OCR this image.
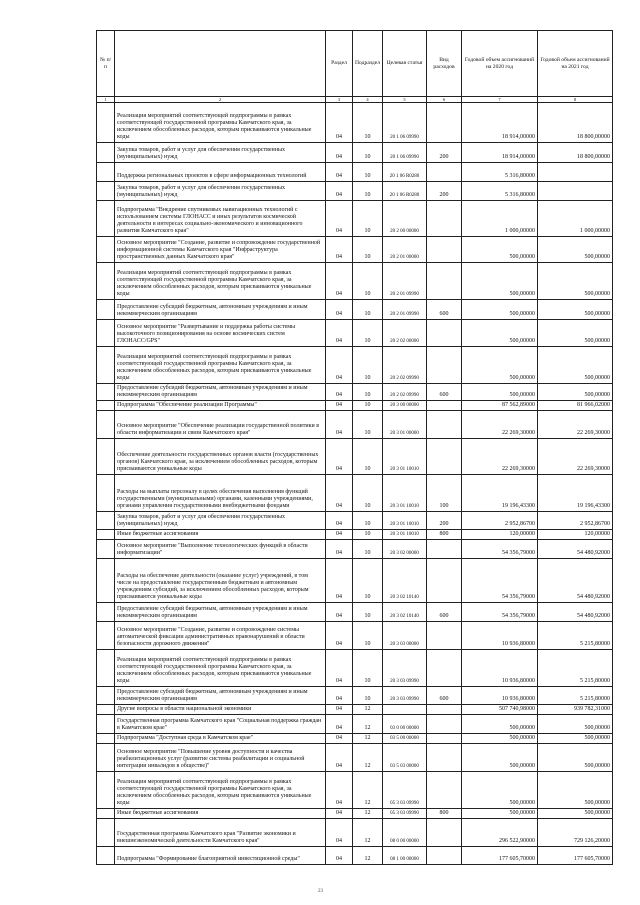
№ п/п		Раздел	Подраздел	Целевая статья	Вид расходов	Годовой объем ассигнований на 2020 год	Годовой объем ассигнований на 2021 год
1	2	3	4	5	6	7	8
	Реализация мероприятий соответствующей подпрограммы в рамках соответствующей государственной программы Камчатского края, за исключением обособленных расходов, которым присваиваются уникальные коды	04	10	20 1 06 09990		18 914,00000	18 800,00000
	Закупка товаров, работ и услуг для обеспечения государственных (муниципальных) нужд	04	10	20 1 06 09990	200	18 914,00000	18 800,00000
	Поддержка региональных проектов в сфере информационных технологий	04	10	20 1 06 R0280		5 316,80000	
	Закупка товаров, работ и услуг для обеспечения государственных (муниципальных) нужд	04	10	20 1 06 R0280	200	5 316,80000	
	Подпрограмма "Внедрение спутниковых навигационных технологий с использованием системы ГЛОНАСС и иных результатов космической деятельности в интересах социально-экономического и инновационного развития Камчатского края"	04	10	20 2 00 00000		1 000,00000	1 000,00000
	Основное мероприятие "Создание, развитие и сопровождение государственной информационной системы Камчатского края "Инфраструктура пространственных данных Камчатского края"	04	10	20 2 01 00000		500,00000	500,00000
	Реализация мероприятий соответствующей подпрограммы в рамках соответствующей государственной программы Камчатского края, за исключением обособленных расходов, которым присваиваются уникальные коды	04	10	20 2 01 09990		500,00000	500,00000
	Предоставление субсидий бюджетным, автономным учреждениям и иным некоммерческим организациям	04	10	20 2 01 09990	600	500,00000	500,00000
	Основное мероприятие "Развертывание и поддержка работы системы высокоточного позиционирования на основе космических систем ГЛОНАСС/GPS"	04	10	20 2 02 00000		500,00000	500,00000
	Реализация мероприятий соответствующей подпрограммы в рамках соответствующей государственной программы Камчатского края, за исключением обособленных расходов, которым присваиваются уникальные коды	04	10	20 2 02 09990		500,00000	500,00000
	Предоставление субсидий бюджетным, автономным учреждениям и иным некоммерческим организациям	04	10	20 2 02 09990	600	500,00000	500,00000
	Подпрограмма "Обеспечение реализации Программы"	04	10	20 3 00 00000		87 562,89000	81 966,02000
	Основное мероприятие "Обеспечение реализации государственной политики в области информатизации и связи Камчатского края"	04	10	20 3 01 00000		22 269,30000	22 269,30000
	Обеспечение деятельности государственных органов власти (государственных органов) Камчатского края, за исключением обособленных расходов, которым присваиваются уникальные коды	04	10	20 3 01 10010		22 269,30000	22 269,30000
	Расходы на выплаты персоналу в целях обеспечения выполнения функций государственными (муниципальными) органами, казенными учреждениями, органами управления государственными внебюджетными фондами	04	10	20 3 01 10010	100	19 196,43300	19 196,43300
	Закупка товаров, работ и услуг для обеспечения государственных (муниципальных) нужд	04	10	20 3 01 10010	200	2 952,86700	2 952,86700
	Иные бюджетные ассигнования	04	10	20 3 01 10010	800	120,00000	120,00000
	Основное мероприятие "Выполнение технологических функций в области информатизации"	04	10	20 3 02 00000		54 356,79000	54 480,92000
	Расходы на обеспечение деятельности (оказание услуг) учреждений, в том числе на предоставление государственным бюджетным и автономным учреждениям субсидий, за исключением обособленных расходов, которым присваиваются уникальные коды	04	10	20 3 02 10140		54 356,79000	54 480,92000
	Предоставление субсидий бюджетным, автономным учреждениям и иным некоммерческим организациям	04	10	20 3 02 10140	600	54 356,79000	54 480,92000
	Основное мероприятие "Создание, развитие и сопровождение системы автоматической фиксации административных правонарушений в области безопасности дорожного движения"	04	10	20 3 03 00000		10 936,80000	5 215,80000
	Реализация мероприятий соответствующей подпрограммы в рамках соответствующей государственной программы Камчатского края, за исключением обособленных расходов, которым присваиваются уникальные коды	04	10	20 3 03 09990		10 936,80000	5 215,80000
	Предоставление субсидий бюджетным, автономным учреждениям и иным некоммерческим организациям	04	10	20 3 03 09990	600	10 936,80000	5 215,80000
	Другие вопросы в области национальной экономики	04	12			507 740,98000	939 782,31000
	Государственная программа Камчатского края "Социальная поддержка граждан в Камчатском крае"	04	12	03 0 00 00000		500,00000	500,00000
	Подпрограмма "Доступная среда в Камчатском крае"	04	12	03 5 00 00000		500,00000	500,00000
	Основное мероприятие "Повышение уровня доступности и качества реабилитационных услуг (развитие системы реабилитации и социальной интеграции инвалидов в обществе)"	04	12	03 5 03 00000		500,00000	500,00000
	Реализация мероприятий соответствующей подпрограммы в рамках соответствующей государственной программы Камчатского края, за исключением обособленных расходов, которым присваиваются уникальные коды	04	12	05 3 03 09990		500,00000	500,00000
	Иные бюджетные ассигнования	04	12	05 3 03 09990	800	500,00000	500,00000
	Государственная программа Камчатского края "Развитие экономики и внешнеэкономической деятельности Камчатского края"	04	12	08 0 00 00000		296 522,90000	729 126,20000
	Подпрограмма "Формирование благоприятной инвестиционной среды"	04	12	08 1 00 00000		177 605,70000	177 605,70000
23
